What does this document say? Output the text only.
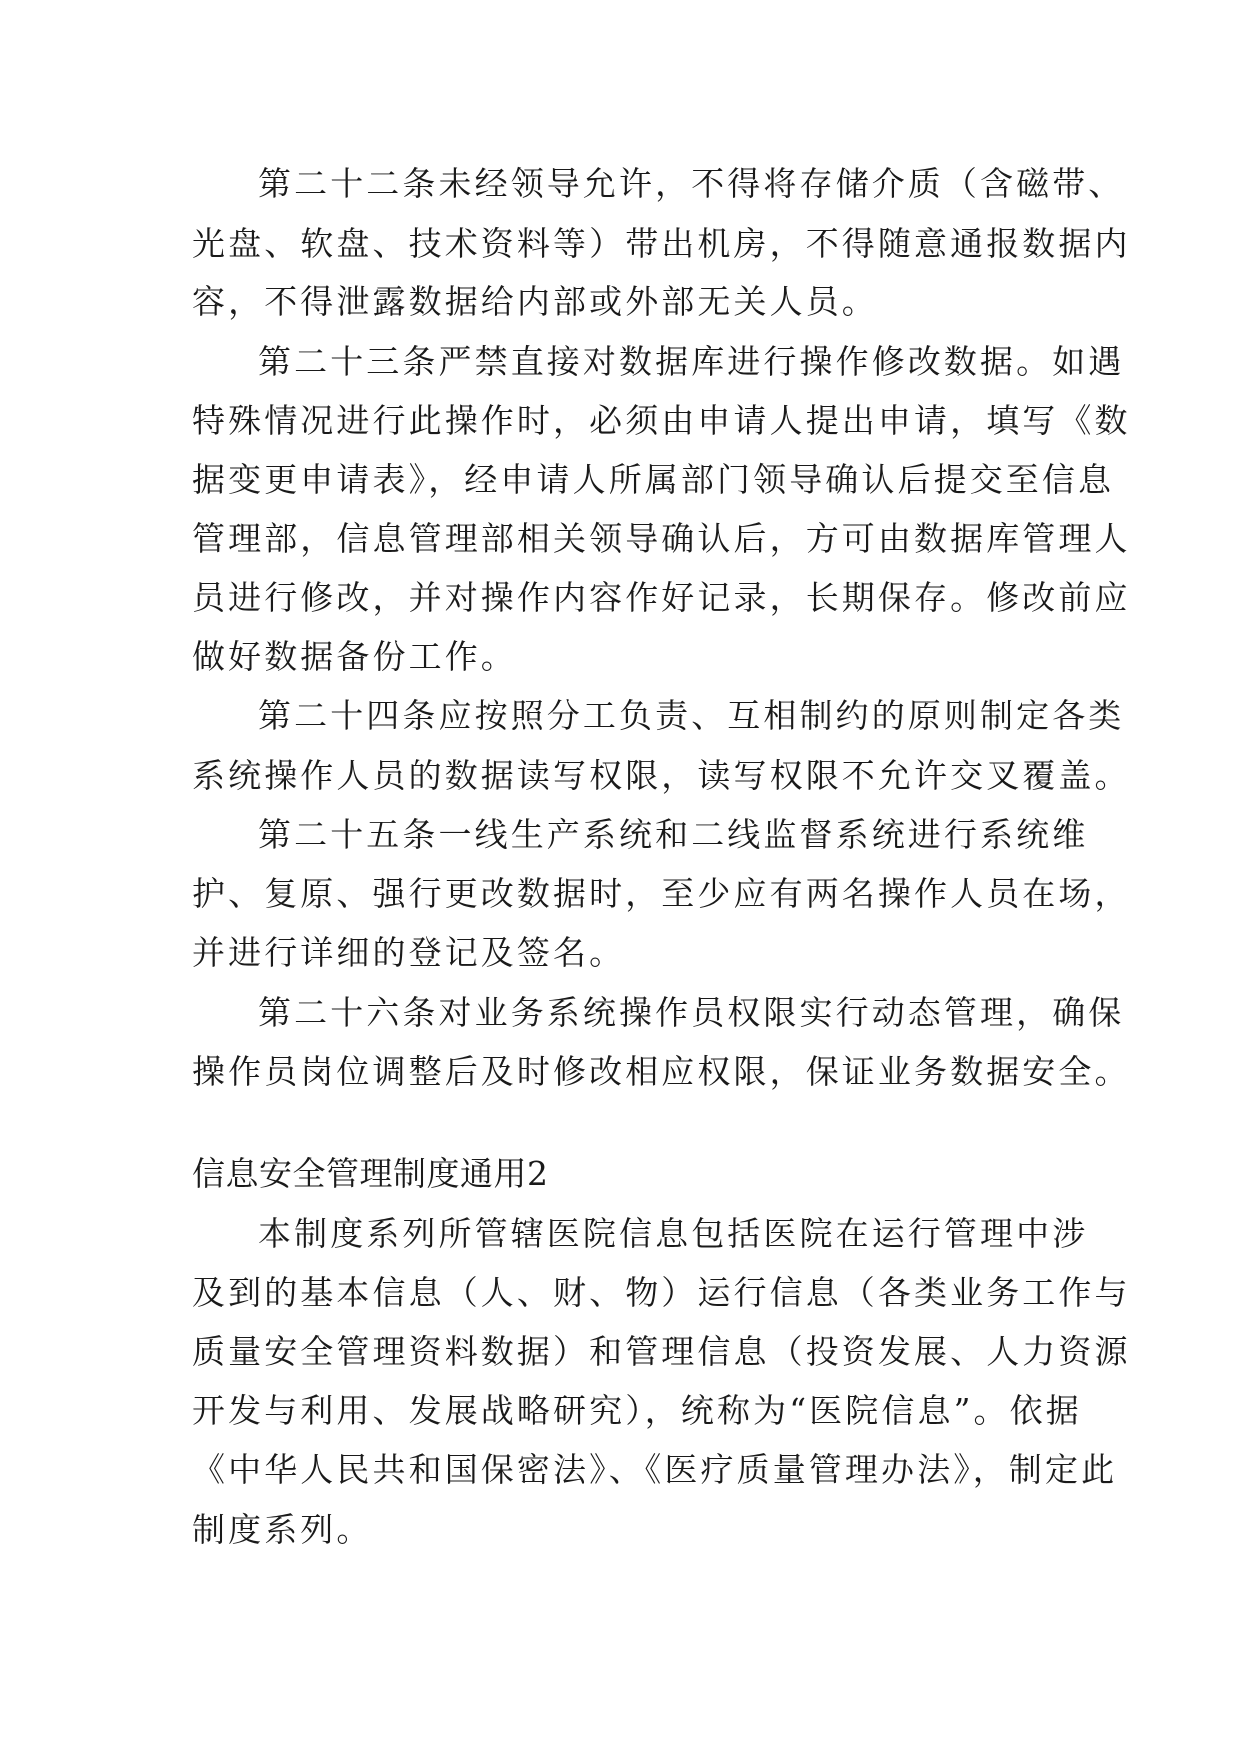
第二十二条未经领导允许，不得将存储介质（含磁带、
光盘、软盘、技术资料等）带出机房，不得随意通报数据内
容，不得泄露数据给内部或外部无关人员。
第二十三条严禁直接对数据库进行操作修改数据。如遇
特殊情况进行此操作时，必须由申请人提出申请，填写《数
据变更申请表》，经申请人所属部门领导确认后提交至信息
管理部，信息管理部相关领导确认后，方可由数据库管理人
员进行修改，并对操作内容作好记录，长期保存。修改前应
做好数据备份工作。
第二十四条应按照分工负责、互相制约的原则制定各类
系统操作人员的数据读写权限，读写权限不允许交叉覆盖。
第二十五条一线生产系统和二线监督系统进行系统维
护、复原、强行更改数据时，至少应有两名操作人员在场，
并进行详细的登记及签名。
第二十六条对业务系统操作员权限实行动态管理，确保
操作员岗位调整后及时修改相应权限，保证业务数据安全。
信息安全管理制度通用2
本制度系列所管辖医院信息包括医院在运行管理中涉
及到的基本信息（人、财、物）运行信息（各类业务工作与
质量安全管理资料数据）和管理信息（投资发展、人力资源
开发与利用、发展战略研究），统称为“医院信息”。依据
《中华人民共和国保密法》、《医疗质量管理办法》，制定此
制度系列。
